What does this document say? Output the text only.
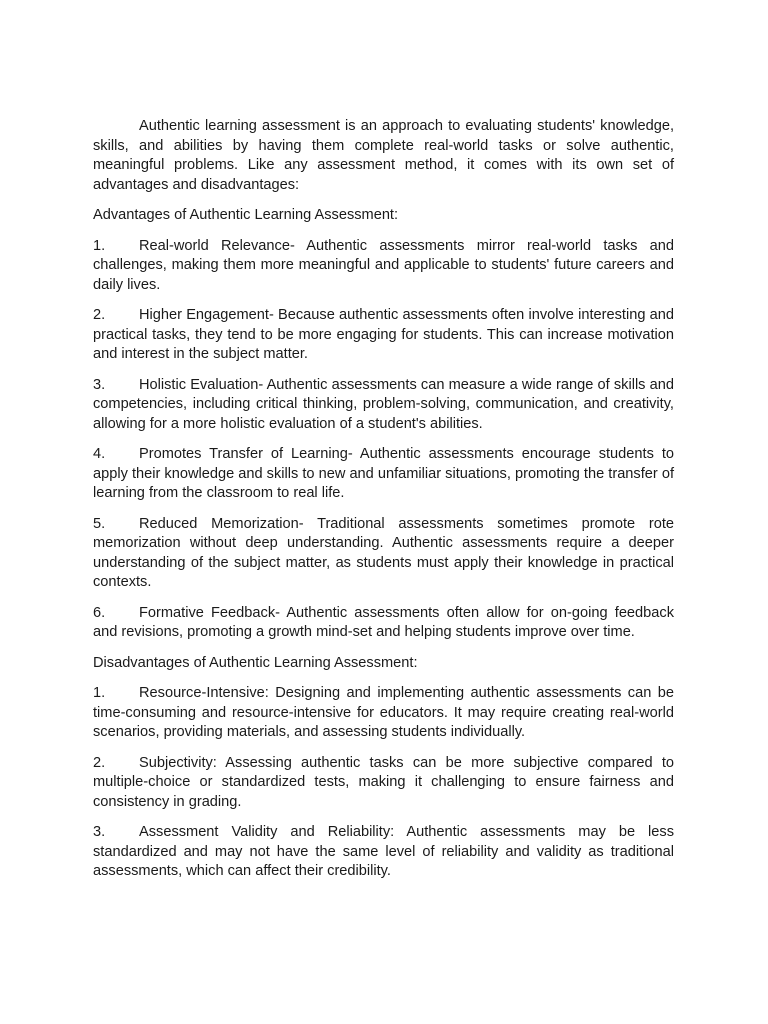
Authentic learning assessment is an approach to evaluating students' knowledge, skills, and abilities by having them complete real-world tasks or solve authentic, meaningful problems. Like any assessment method, it comes with its own set of advantages and disadvantages:

Advantages of Authentic Learning Assessment:

1. Real-world Relevance- Authentic assessments mirror real-world tasks and challenges, making them more meaningful and applicable to students' future careers and daily lives.

2. Higher Engagement- Because authentic assessments often involve interesting and practical tasks, they tend to be more engaging for students. This can increase motivation and interest in the subject matter.

3. Holistic Evaluation- Authentic assessments can measure a wide range of skills and competencies, including critical thinking, problem-solving, communication, and creativity, allowing for a more holistic evaluation of a student's abilities.

4. Promotes Transfer of Learning- Authentic assessments encourage students to apply their knowledge and skills to new and unfamiliar situations, promoting the transfer of learning from the classroom to real life.

5. Reduced Memorization- Traditional assessments sometimes promote rote memorization without deep understanding. Authentic assessments require a deeper understanding of the subject matter, as students must apply their knowledge in practical contexts.

6. Formative Feedback- Authentic assessments often allow for on-going feedback and revisions, promoting a growth mind-set and helping students improve over time.

Disadvantages of Authentic Learning Assessment:

1. Resource-Intensive: Designing and implementing authentic assessments can be time-consuming and resource-intensive for educators. It may require creating real-world scenarios, providing materials, and assessing students individually.

2. Subjectivity: Assessing authentic tasks can be more subjective compared to multiple-choice or standardized tests, making it challenging to ensure fairness and consistency in grading.

3. Assessment Validity and Reliability: Authentic assessments may be less standardized and may not have the same level of reliability and validity as traditional assessments, which can affect their credibility.
